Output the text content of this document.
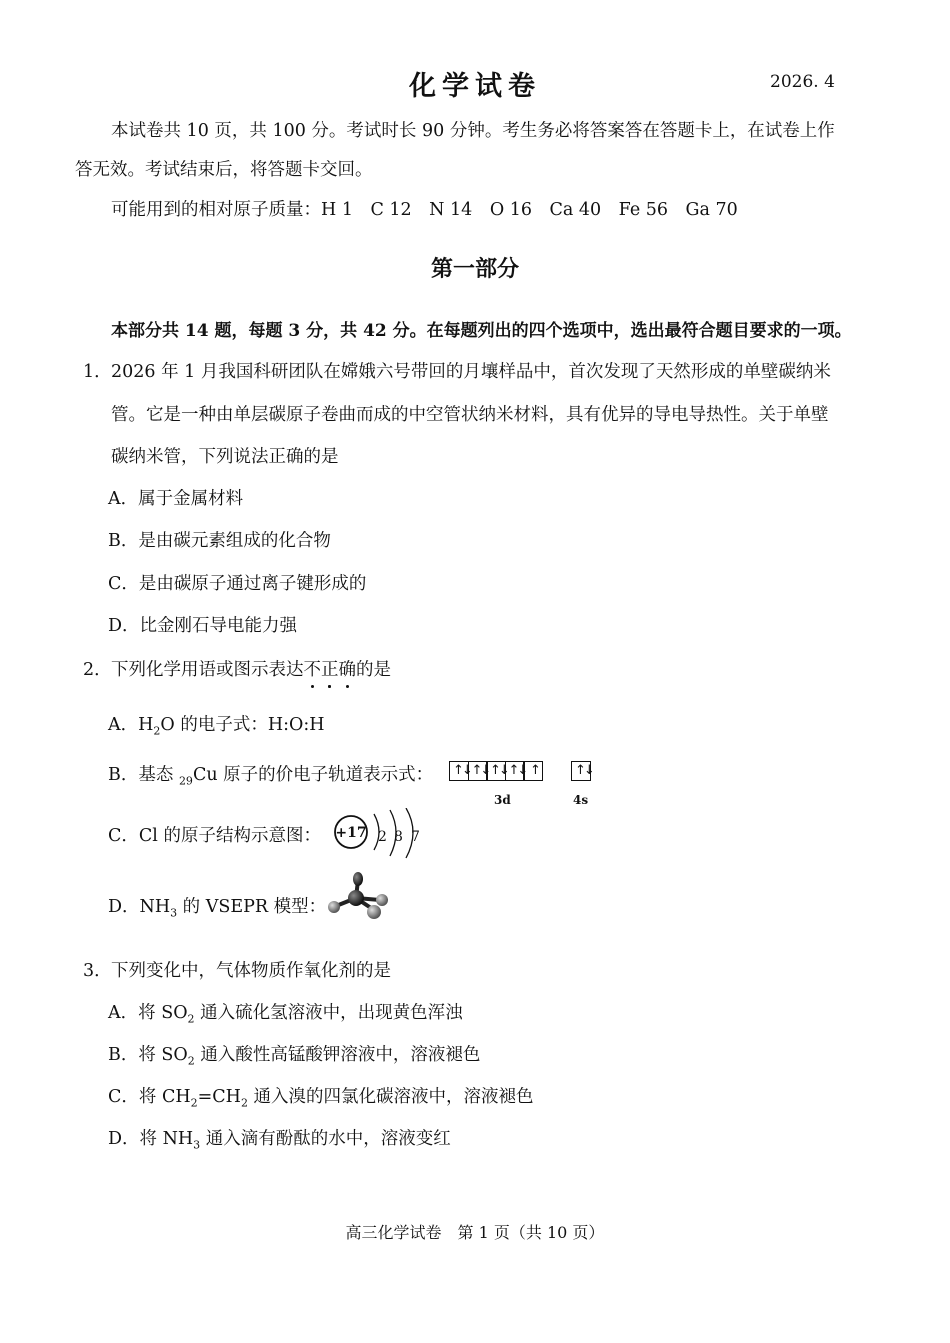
化学试卷	2026. 4
本试卷共 10 页，共 100 分。考试时长 90 分钟。考生务必将答案答在答题卡上，在试卷上作
答无效。考试结束后，将答题卡交回。
可能用到的相对原子质量：H 1　C 12　N 14　O 16　Ca 40　Fe 56　Ga 70
第一部分
本部分共 14 题，每题 3 分，共 42 分。在每题列出的四个选项中，选出最符合题目要求的一项。
1． 2026 年 1 月我国科研团队在嫦娥六号带回的月壤样品中，首次发现了天然形成的单壁碳纳米
管。它是一种由单层碳原子卷曲而成的中空管状纳米材料，具有优异的导电导热性。关于单壁
碳纳米管，下列说法正确的是
A．属于金属材料
B．是由碳元素组成的化合物
C．是由碳原子通过离子键形成的
D．比金刚石导电能力强
2． 下列化学用语或图示表达不正确的是
A．$H_2O$ 的电子式：H:O:H
B．基态 $_{29}$Cu 原子的价电子轨道表示式： ↑↓ ↑↓ ↑↓ ↑↓ ↑	↑↓
3d	4s
C．Cl 的原子结构示意图： +17 2 8 7
D．$NH_3$ 的 VSEPR 模型：
3． 下列变化中，气体物质作氧化剂的是
A．将 $SO_2$ 通入硫化氢溶液中，出现黄色浑浊
B．将 $SO_2$ 通入酸性高锰酸钾溶液中，溶液褪色
C．将 $CH_2=CH_2$ 通入溴的四氯化碳溶液中，溶液褪色
D．将 $NH_3$ 通入滴有酚酞的水中，溶液变红
高三化学试卷　第 1 页（共 10 页）
